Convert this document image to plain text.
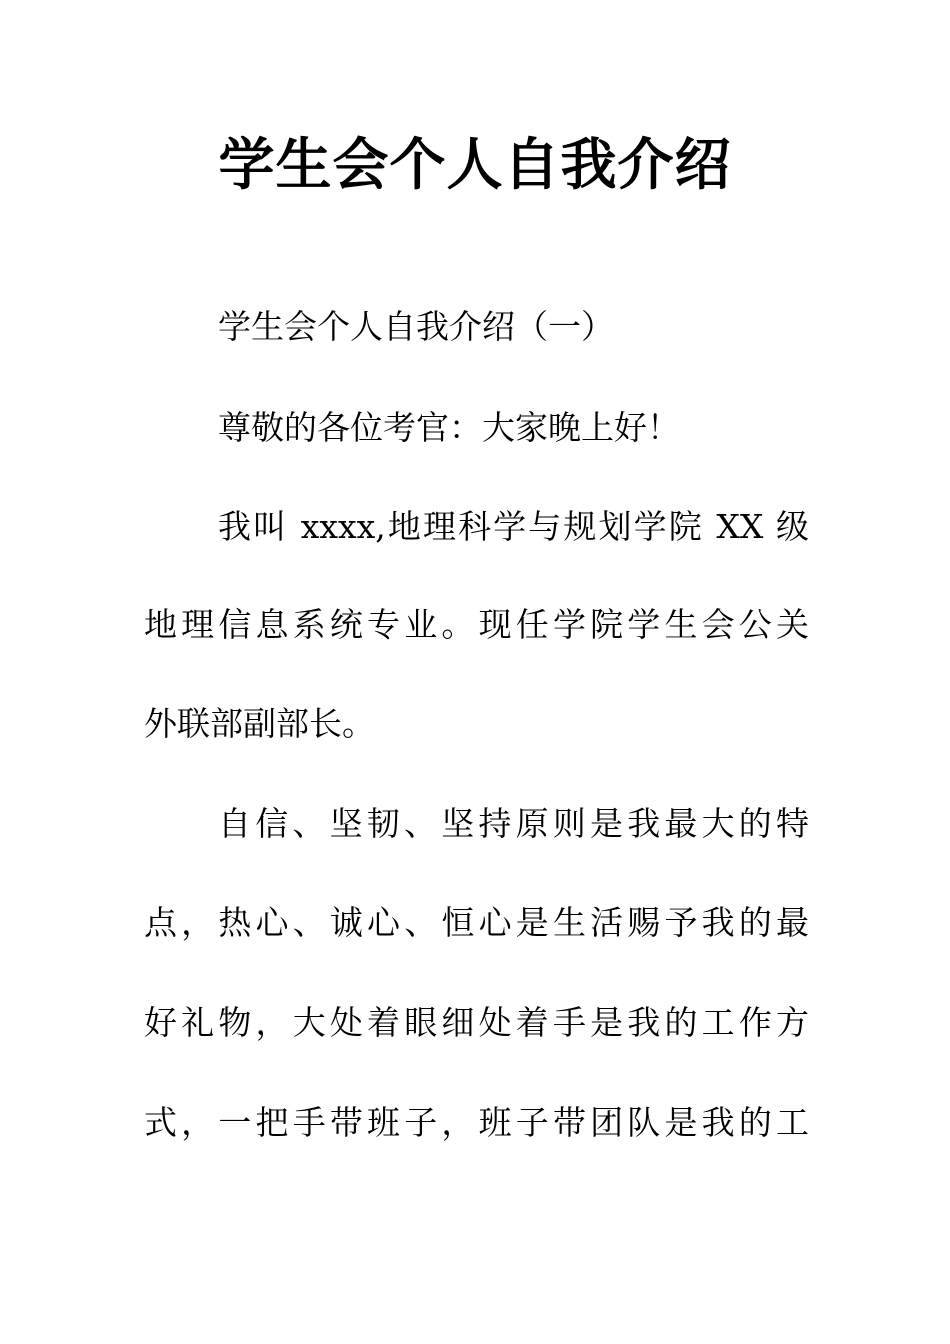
学生会个人自我介绍

学生会个人自我介绍（一）

尊敬的各位考官：大家晚上好！

我叫 xxxx,地理科学与规划学院 XX 级

地理信息系统专业。现任学院学生会公关

外联部副部长。

自信、坚韧、坚持原则是我最大的特

点，热心、诚心、恒心是生活赐予我的最

好礼物，大处着眼细处着手是我的工作方

式，一把手带班子，班子带团队是我的工
